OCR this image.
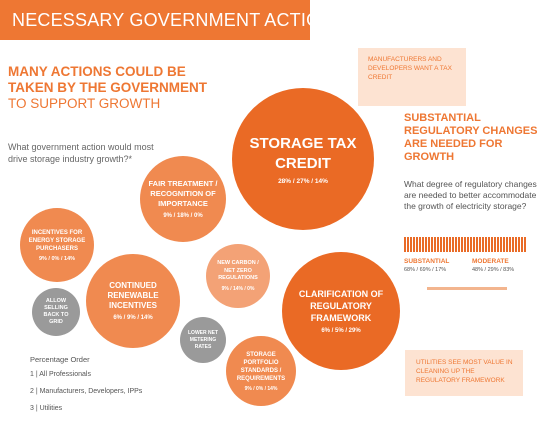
NECESSARY GOVERNMENT ACTIONS
MANY ACTIONS COULD BE TAKEN BY THE GOVERNMENT
TO SUPPORT GROWTH
What government action would most drive storage industry growth?*
STORAGE TAX CREDIT
28% / 27% / 14%
FAIR TREATMENT / RECOGNITION OF IMPORTANCE
9% / 18% / 0%
INCENTIVES FOR ENERGY STORAGE PURCHASERS
9% / 0% / 14%
CONTINUED RENEWABLE INCENTIVES
6% / 9% / 14%
ALLOW SELLING BACK TO GRID
NEW CARBON / NET ZERO REGULATIONS
9% / 14% / 0%
CLARIFICATION OF REGULATORY FRAMEWORK
6% / 5% / 29%
LOWER NET METERING RATES
STORAGE PORTFOLIO STANDARDS / REQUIREMENTS
9% / 0% / 14%
MANUFACTURERS AND DEVELOPERS WANT A TAX CREDIT
SUBSTANTIAL REGULATORY CHANGES ARE NEEDED FOR GROWTH
What degree of regulatory changes are needed to better accommodate the growth of electricity storage?
SUBSTANTIAL	MODERATE
68% / 69% / 17%	48% / 29% / 83%
UTILITIES SEE MOST VALUE IN CLEANING UP THE REGULATORY FRAMEWORK
Percentage Order
1 | All Professionals
2 | Manufacturers, Developers, IPPs
3 | Utilities
